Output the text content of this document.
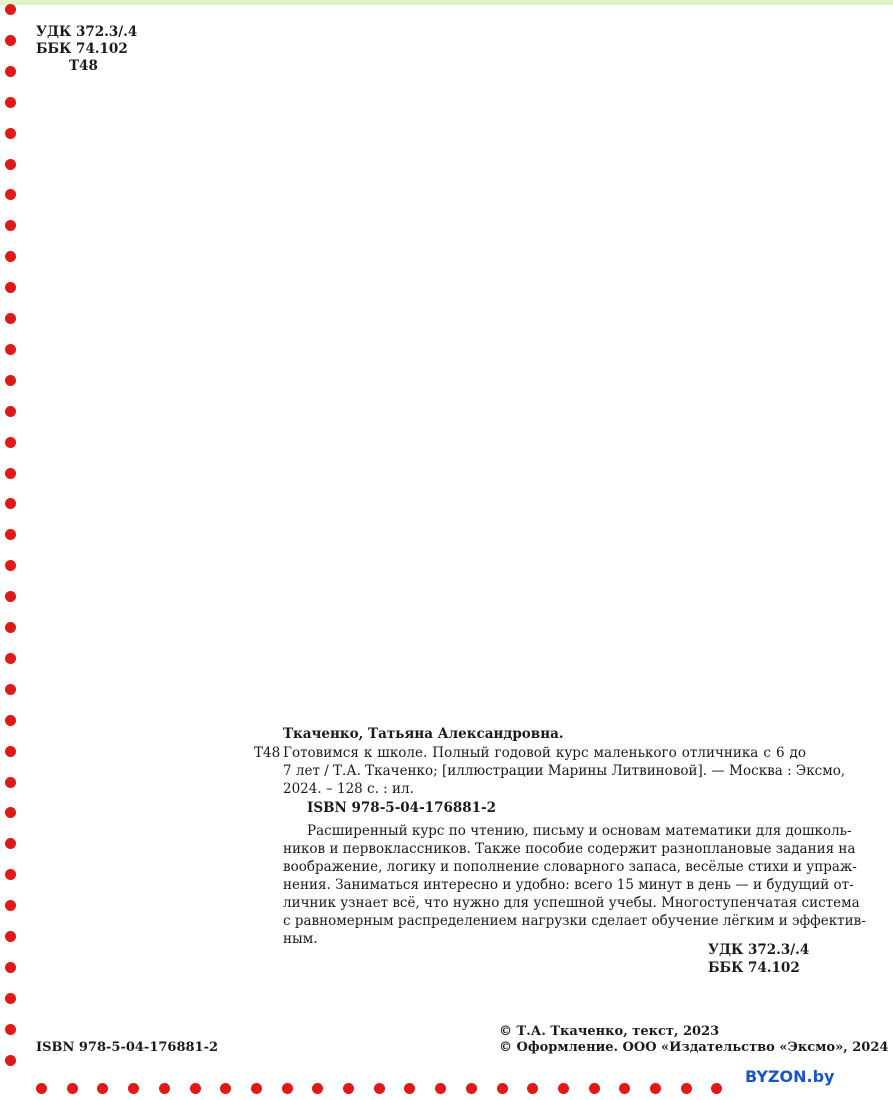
УДК 372.3/.4
ББК 74.102
Т48
Ткаченко, Татьяна Александровна.
Т48 Готовимся к школе. Полный годовой курс маленького отличника с 6 до
7 лет / Т.А. Ткаченко; [иллюстрации Марины Литвиновой]. — Москва : Эксмо,
2024. – 128 с. : ил.
ISBN 978-5-04-176881-2
Расширенный курс по чтению, письму и основам математики для дошколь-
ников и первоклассников. Также пособие содержит разноплановые задания на
воображение, логику и пополнение словарного запаса, весёлые стихи и упраж-
нения. Заниматься интересно и удобно: всего 15 минут в день — и будущий от-
личник узнает всё, что нужно для успешной учебы. Многоступенчатая система
с равномерным распределением нагрузки сделает обучение лёгким и эффектив-
ным.
УДК 372.3/.4
ББК 74.102
ISBN 978-5-04-176881-2
© Т.А. Ткаченко, текст, 2023
© Оформление. ООО «Издательство «Эксмо», 2024
BYZON.by
